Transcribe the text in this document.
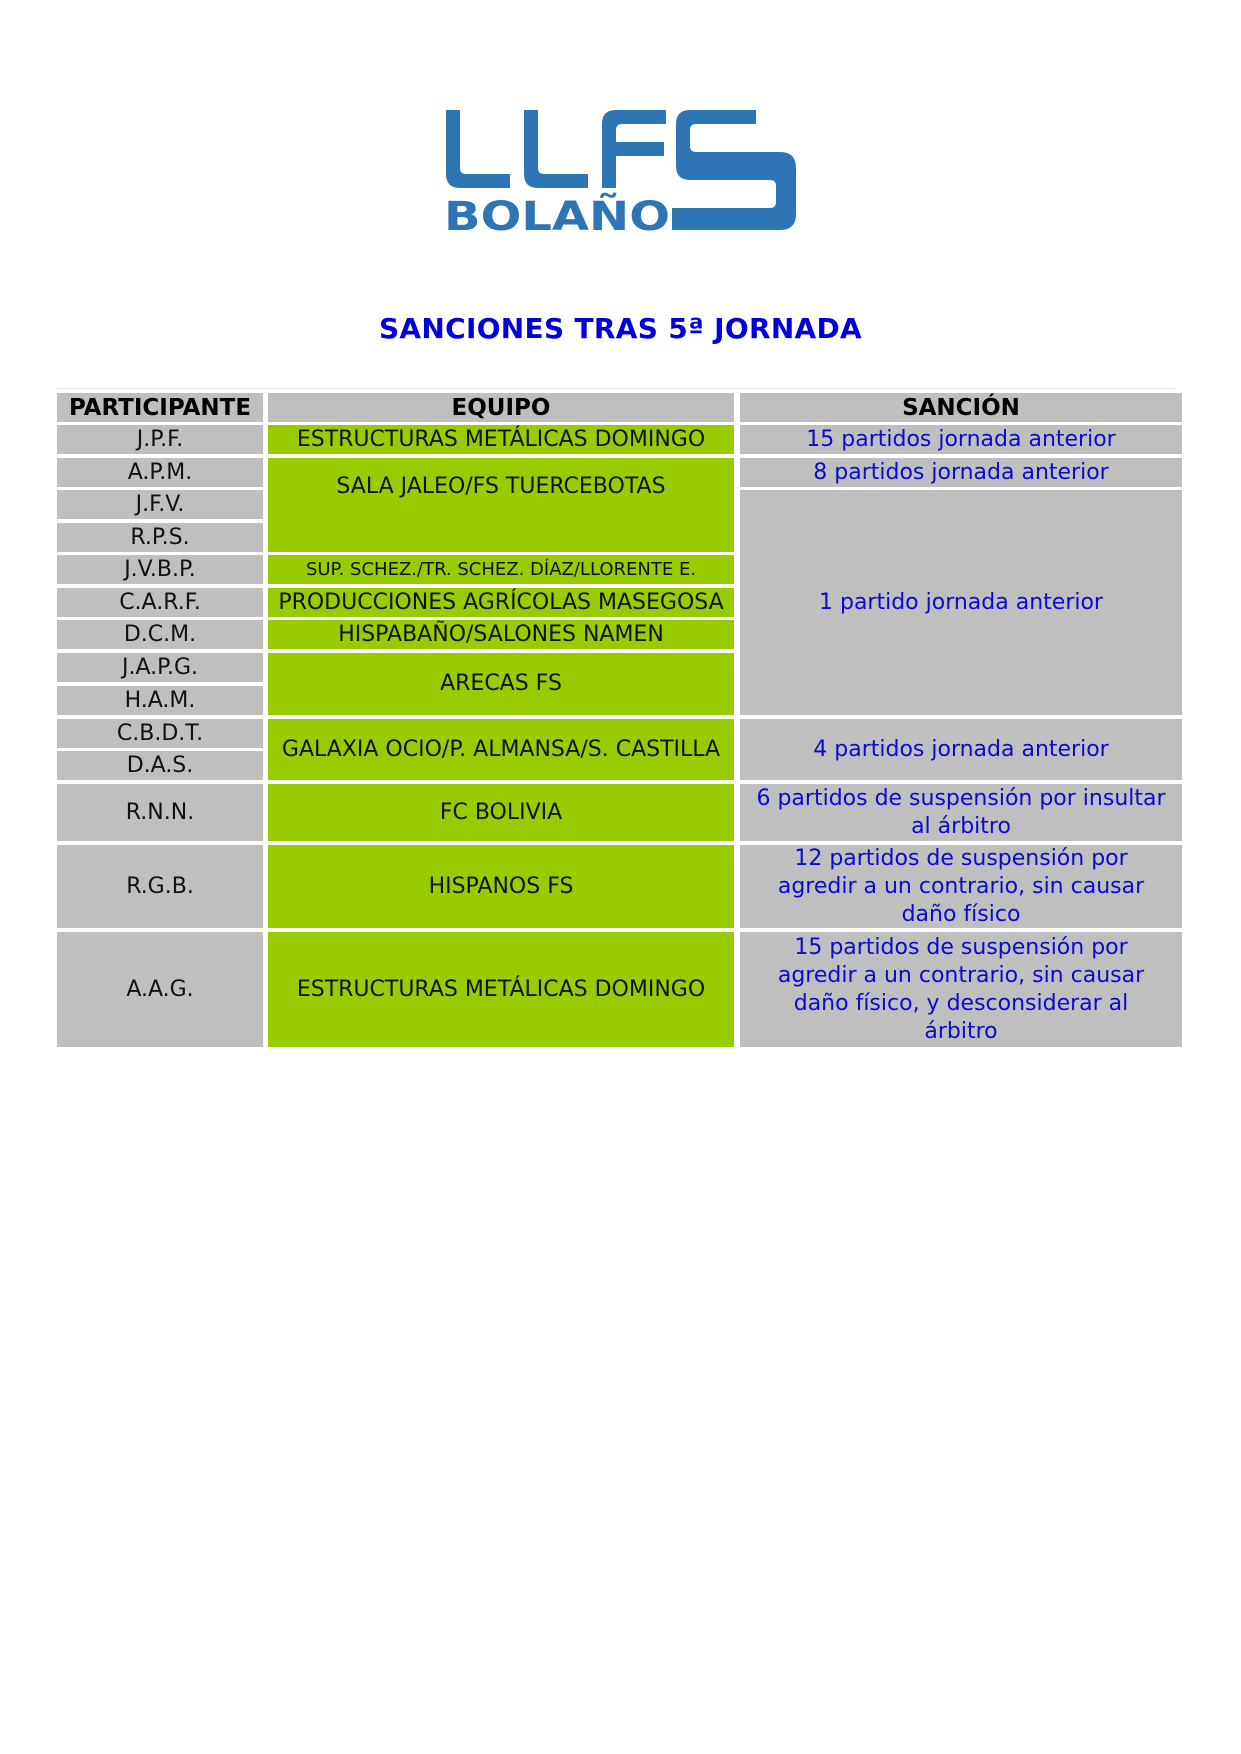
BOLAÑO
SANCIONES TRAS 5ª JORNADA
PARTICIPANTE	EQUIPO	SANCIÓN
J.P.F.
A.P.M.
J.F.V.
R.P.S.
J.V.B.P.
C.A.R.F.
D.C.M.
J.A.P.G.
H.A.M.
C.B.D.T.
D.A.S.
R.N.N.
R.G.B.
A.A.G.
ESTRUCTURAS METÁLICAS DOMINGO
SALA JALEO/FS TUERCEBOTAS
SUP. SCHEZ./TR. SCHEZ. DÍAZ/LLORENTE E.
PRODUCCIONES AGRÍCOLAS MASEGOSA
HISPABAÑO/SALONES NAMEN
ARECAS FS
GALAXIA OCIO/P. ALMANSA/S. CASTILLA
FC BOLIVIA
HISPANOS FS
ESTRUCTURAS METÁLICAS DOMINGO
15 partidos jornada anterior
8 partidos jornada anterior
1 partido jornada anterior
4 partidos jornada anterior
6 partidos de suspensión por insultar al árbitro
12 partidos de suspensión por agredir a un contrario, sin causar daño físico
15 partidos de suspensión por agredir a un contrario, sin causar daño físico, y desconsiderar al árbitro
